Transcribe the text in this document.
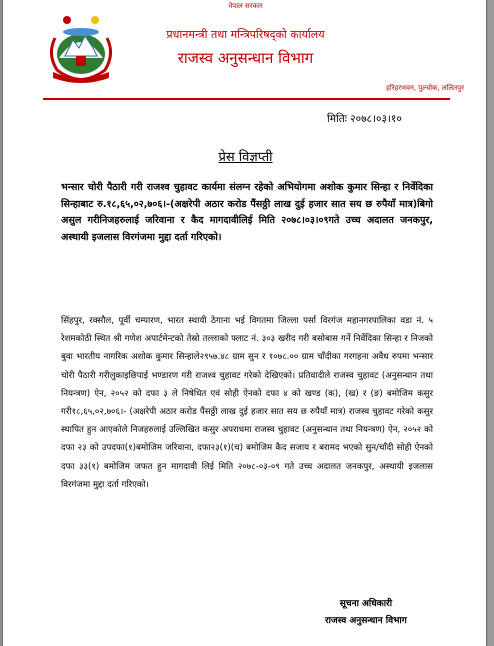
नेपाल सरकार
प्रधानमन्त्री तथा मन्त्रिपरिषद्को कार्यालय
राजस्व अनुसन्धान विभाग
हरिहरभवन, पुल्चोक, ललितपुर
मितिः २०७८।०३।१०
प्रेस विज्ञप्ती
भन्सार चोरी पैठारी गरी राजश्व चुहावट कार्यमा संलग्न रहेको अभियोगमा अशोक कुमार सिन्हा र निर्वेदिका सिन्हाबाट रु.१८,६५,०२,७०६।-(अक्षरेपी अठार करोड पैंसठ्ठी लाख दुई हजार सात सय छ रुपैयाँ मात्र)बिगो असुल गरीनिजहरुलाई जरिवाना र कैद मागदावीलिई मिति २०७८।०३।०९गते उच्च अदालत जनकपुर, अस्थायी इजलास विरगंजमा मुद्दा दर्ता गरिएको।
सिंहपुर, रक्सौल, पूर्वी चम्पारण, भारत स्थायी ठेगाना भई विगतमा जिल्ला पर्सा विरगंज महानगरपालिका वडा नं. ५ रेशमकोठी स्थित श्री गणेश अपार्टमेन्टको तेस्रो तल्लाको फ्लाट नं. ३०३ खरीद गरी बसोबास गर्ने निर्वेदिका सिन्हा र निजको बुवा भारतीय नागरिक अशोक कुमार सिन्हाले२९५७.४८ ग्राम सुन र १०७८.०० ग्राम चाँदीका गरगहना अवैध रुपमा भन्सार चोरी पैठारी गरीलुकाइछिपाई भण्डारण गरी राजश्व चुहावट गरेको देखिएको। प्रतिवादीले राजस्व चुहावट (अनुसन्धान तथा नियन्त्रण) ऐन, २०५२ को दफा ३ ले निषेधित एवं सोही ऐनको दफा ४ को खण्ड (क), (ख) र (ङ) बमोजिम कसुर गरी१८,६५,०२,७०६।- (अक्षरेपी अठार करोड पैंसठ्ठी लाख दुई हजार सात सय छ रुपैयाँ मात्र) राजस्व चुहावट गरेको कसुर स्थापित हुन आएकोले निजहरुलाई उल्लिखित कसुर अपराधमा राजस्व चुहावट (अनुसन्धान तथा नियन्त्रण) ऐन, २०५२ को दफा २३ को उपदफा(१)बमोजिम जरिवाना, दफा२३(१)(च) बमोजिम कैद सजाय र बरामद भएको सुन/चाँदी सोही ऐनको दफा ३३(१) बमोजिम जफत हुन मागदावी लिई मिति २०७८-०३-०९ गते उच्च अदालत जनकपुर, अस्थायी इजलास विरगंजमा मुद्दा दर्ता गरिएको।
सूचना अधिकारी
राजस्व अनुसन्धान विभाग
